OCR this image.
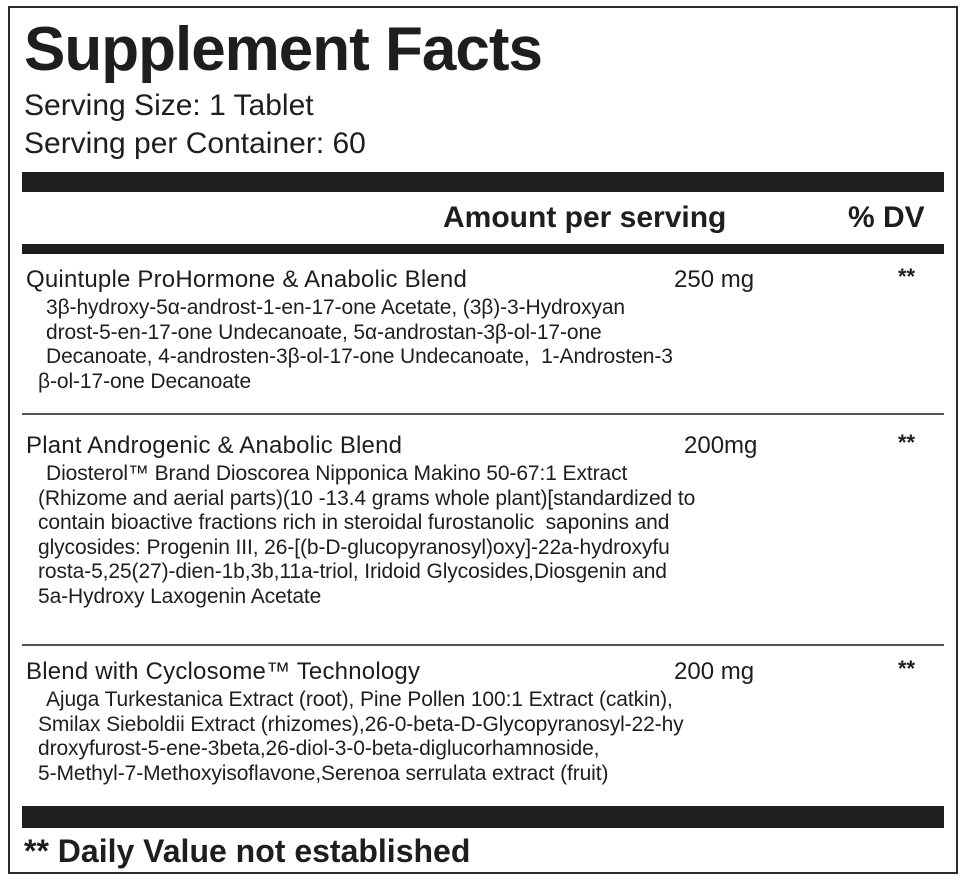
Supplement Facts
Serving Size: 1 Tablet
Serving per Container: 60
Amount per serving	% DV
Quintuple ProHormone & Anabolic Blend	250 mg	**
3β-hydroxy-5α-androst-1-en-17-one Acetate, (3β)-3-Hydroxyan
drost-5-en-17-one Undecanoate, 5α-androstan-3β-ol-17-one
Decanoate, 4-androsten-3β-ol-17-one Undecanoate,  1-Androsten-3
β-ol-17-one Decanoate
Plant Androgenic & Anabolic Blend	200mg	**
Diosterol™ Brand Dioscorea Nipponica Makino 50-67:1 Extract
(Rhizome and aerial parts)(10 -13.4 grams whole plant)[standardized to
contain bioactive fractions rich in steroidal furostanolic  saponins and
glycosides: Progenin III, 26-[(b-D-glucopyranosyl)oxy]-22a-hydroxyfu
rosta-5,25(27)-dien-1b,3b,11a-triol, Iridoid Glycosides,Diosgenin and
5a-Hydroxy Laxogenin Acetate
Blend with Cyclosome™ Technology	200 mg	**
Ajuga Turkestanica Extract (root), Pine Pollen 100:1 Extract (catkin),
Smilax Sieboldii Extract (rhizomes),26-0-beta-D-Glycopyranosyl-22-hy
droxyfurost-5-ene-3beta,26-diol-3-0-beta-diglucorhamnoside,
5-Methyl-7-Methoxyisoflavone,Serenoa serrulata extract (fruit)
** Daily Value not established
